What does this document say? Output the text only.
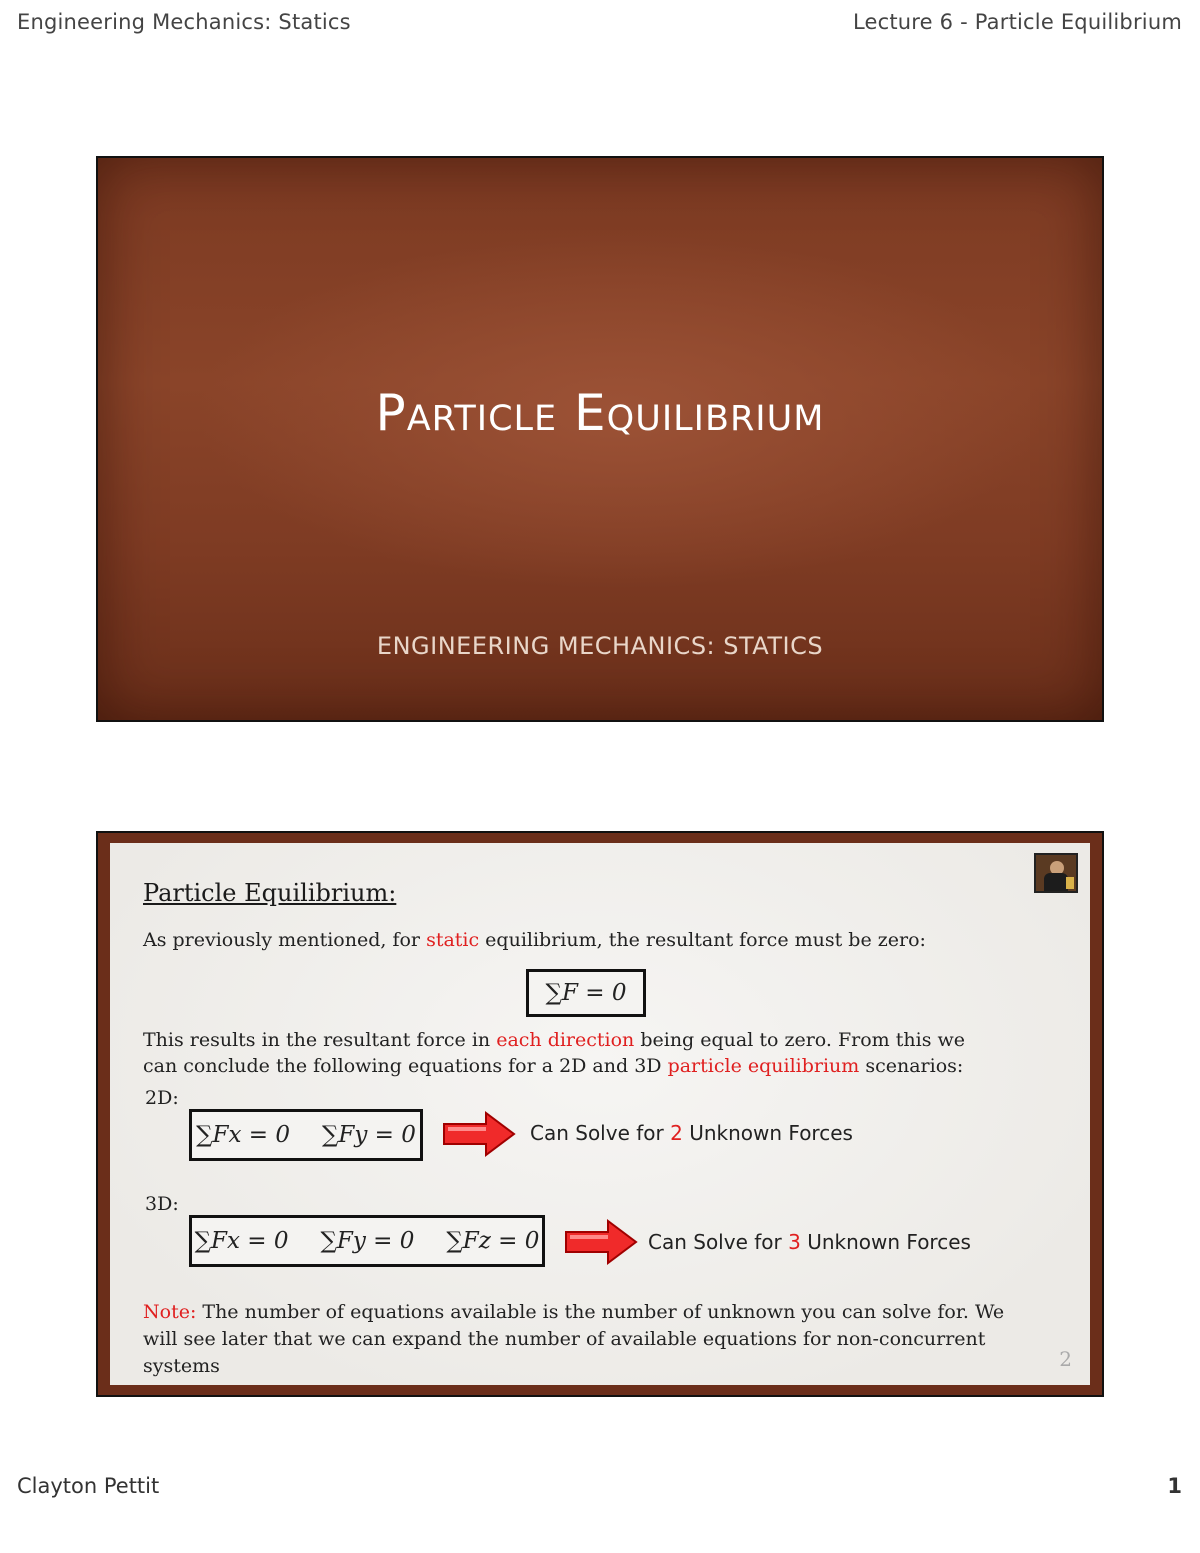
Engineering Mechanics: Statics	Lecture 6 - Particle Equilibrium
Particle Equilibrium
ENGINEERING MECHANICS: STATICS
Particle Equilibrium:
As previously mentioned, for static equilibrium, the resultant force must be zero:
∑F = 0
This results in the resultant force in each direction being equal to zero. From this we
can conclude the following equations for a 2D and 3D particle equilibrium scenarios:
2D:
∑Fx = 0 ∑Fy = 0	Can Solve for 2 Unknown Forces
3D:
∑Fx = 0 ∑Fy = 0 ∑Fz = 0	Can Solve for 3 Unknown Forces
Note: The number of equations available is the number of unknown you can solve for. We
will see later that we can expand the number of available equations for non-concurrent
systems	2
Clayton Pettit	1
